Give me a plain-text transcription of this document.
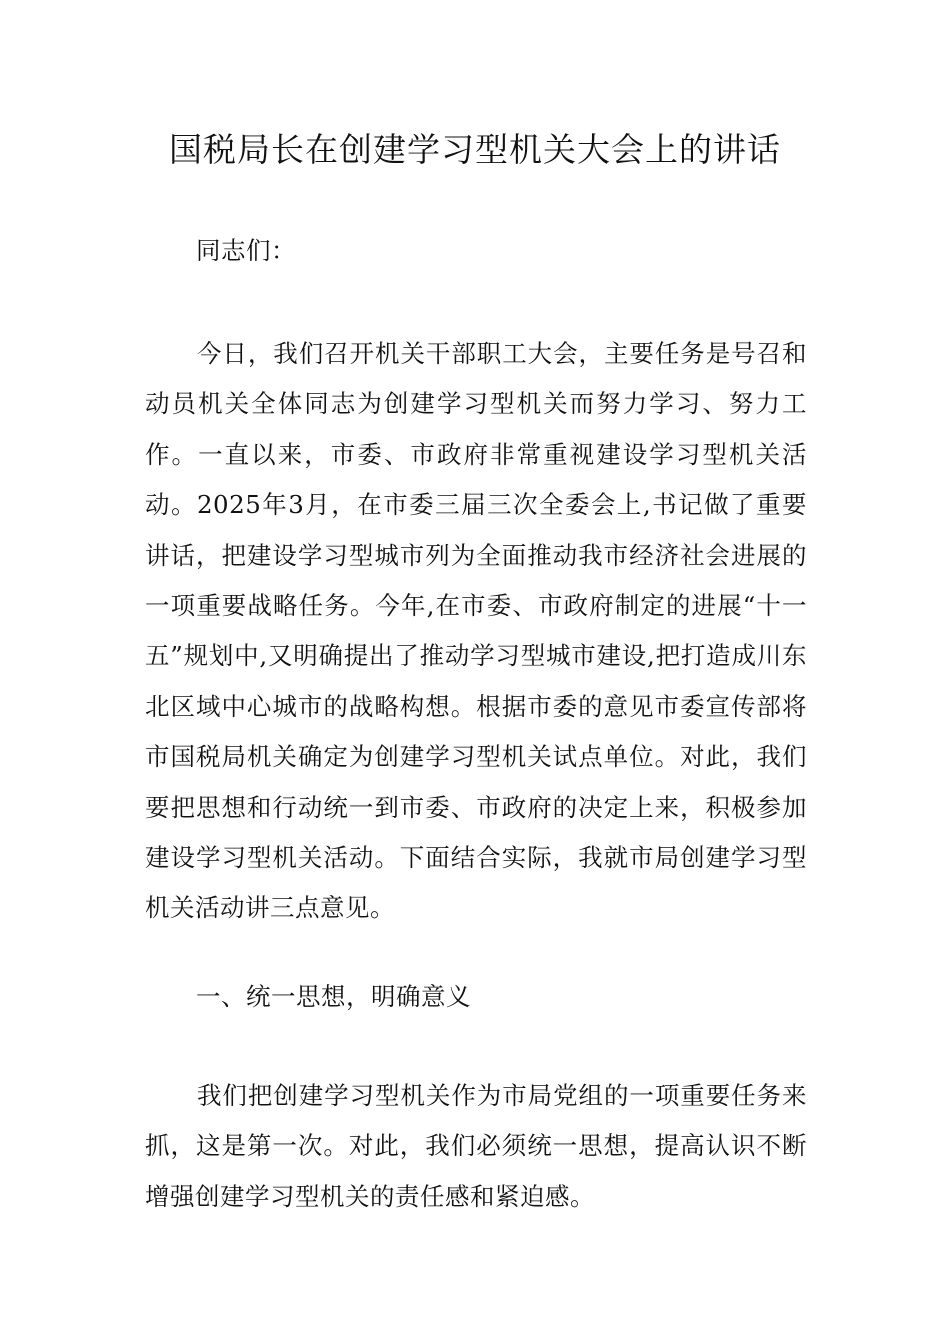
国税局长在创建学习型机关大会上的讲话
同志们：

今日，我们召开机关干部职工大会，主要任务是号召和动员机关全体同志为创建学习型机关而努力学习、努力工作。一直以来，市委、市政府非常重视建设学习型机关活动。2025年3月，在市委三届三次全委会上,书记做了重要讲话，把建设学习型城市列为全面推动我市经济社会进展的一项重要战略任务。今年,在市委、市政府制定的进展“十一五”规划中,又明确提出了推动学习型城市建设,把打造成川东北区域中心城市的战略构想。根据市委的意见市委宣传部将市国税局机关确定为创建学习型机关试点单位。对此，我们要把思想和行动统一到市委、市政府的决定上来，积极参加建设学习型机关活动。下面结合实际，我就市局创建学习型机关活动讲三点意见。

一、统一思想，明确意义

我们把创建学习型机关作为市局党组的一项重要任务来抓，这是第一次。对此，我们必须统一思想，提高认识不断增强创建学习型机关的责任感和紧迫感。
